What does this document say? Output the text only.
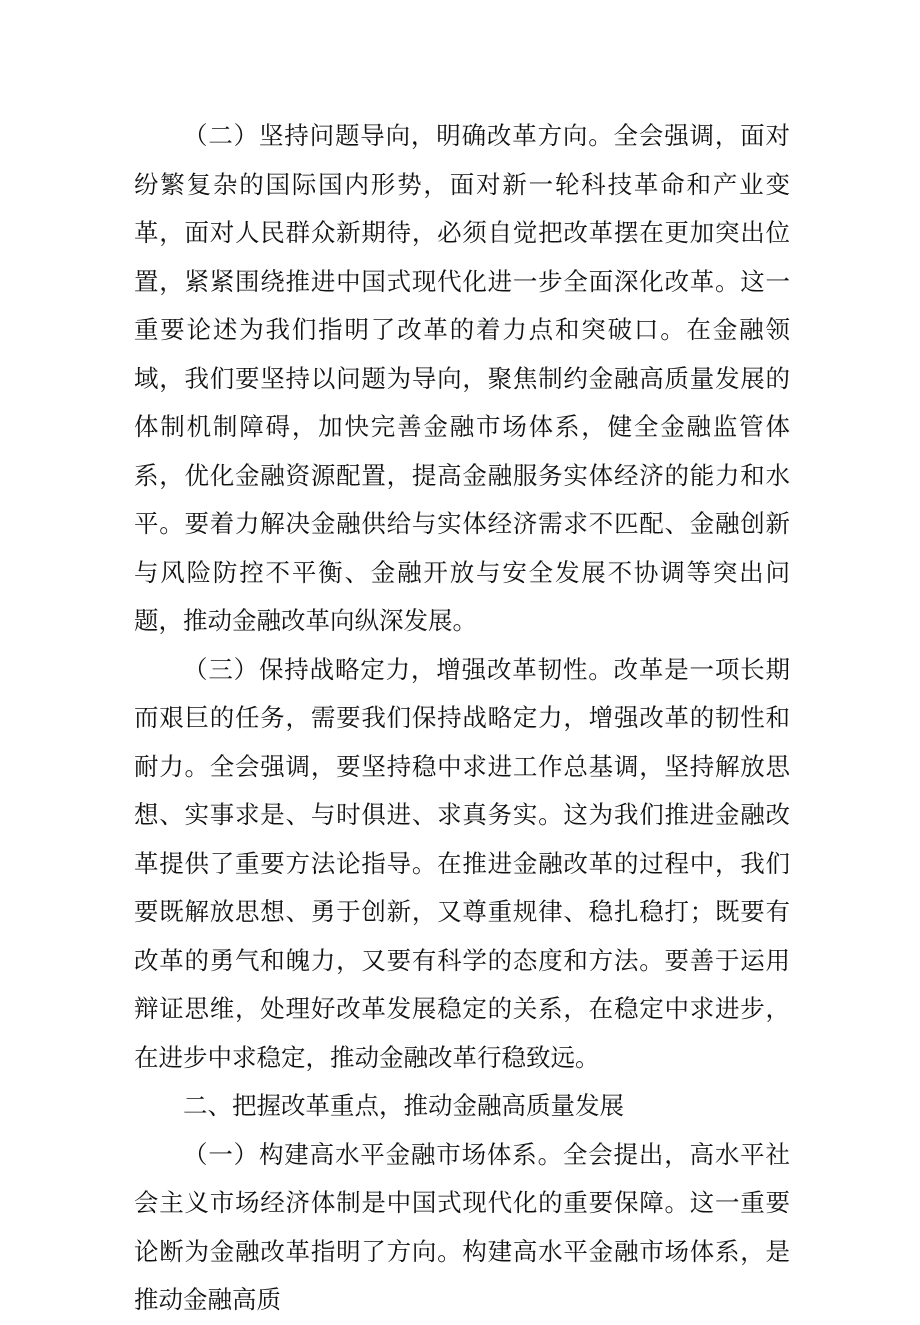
（二）坚持问题导向，明确改革方向。全会强调，面对纷繁复杂的国际国内形势，面对新一轮科技革命和产业变革，面对人民群众新期待，必须自觉把改革摆在更加突出位置，紧紧围绕推进中国式现代化进一步全面深化改革。这一重要论述为我们指明了改革的着力点和突破口。在金融领域，我们要坚持以问题为导向，聚焦制约金融高质量发展的体制机制障碍，加快完善金融市场体系，健全金融监管体系，优化金融资源配置，提高金融服务实体经济的能力和水平。要着力解决金融供给与实体经济需求不匹配、金融创新与风险防控不平衡、金融开放与安全发展不协调等突出问题，推动金融改革向纵深发展。

（三）保持战略定力，增强改革韧性。改革是一项长期而艰巨的任务，需要我们保持战略定力，增强改革的韧性和耐力。全会强调，要坚持稳中求进工作总基调，坚持解放思想、实事求是、与时俱进、求真务实。这为我们推进金融改革提供了重要方法论指导。在推进金融改革的过程中，我们要既解放思想、勇于创新，又尊重规律、稳扎稳打；既要有改革的勇气和魄力，又要有科学的态度和方法。要善于运用辩证思维，处理好改革发展稳定的关系，在稳定中求进步，在进步中求稳定，推动金融改革行稳致远。

二、把握改革重点，推动金融高质量发展

（一）构建高水平金融市场体系。全会提出，高水平社会主义市场经济体制是中国式现代化的重要保障。这一重要论断为金融改革指明了方向。构建高水平金融市场体系，是推动金融高质
